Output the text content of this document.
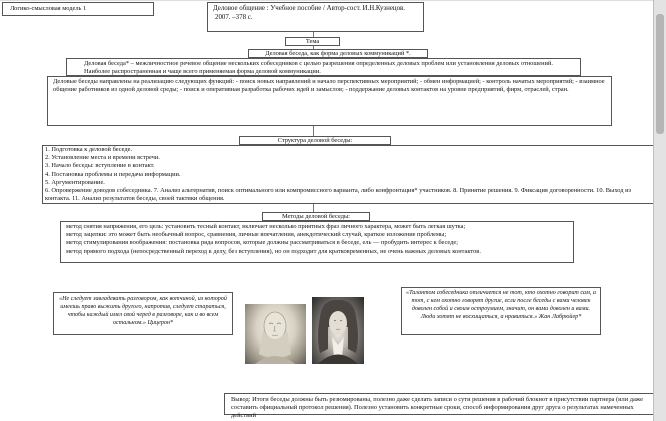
Логико-смысловая модель 1	Деловое общение : Учебное пособие / Автор-сост. И.Н.Кузнецов.
2007. –378 с.
Тема
Деловая беседа, как форма деловых коммуникаций *.
Деловая беседа* – межличностное речевое общение нескольких собеседников с целью разрешения определенных деловых проблем или установления деловых отношений. Наиболее распространенная и чаще всего применяемая форма деловой коммуникации.
Деловые беседы направлены на реализацию следующих функций: - поиск новых направлений и начало перспективных мероприятий; - обмен информацией; - контроль начатых мероприятий; - взаимное общение работников из одной деловой среды; - поиск и оперативная разработка рабочих идей и замыслов; - поддержание деловых контактов на уровне предприятий, фирм, отраслей, стран.
Структура деловой беседы:
1. Подготовка к деловой беседе.
2. Установление места и времени встречи.
3. Начало беседы: вступление в контакт.
4. Постановка проблемы и передача информации.
5. Аргументирование.
6. Опровержение доводов собеседника. 7. Анализ альтернатив, поиск оптимального или компромиссного варианта, либо конфронтация* участников. 8. Принятие решения. 9. Фиксация договоренности. 10. Выход из контакта. 11. Анализ результатов беседы, своей тактики общения.
Методы деловой беседы:
метод снятия напряжения, его цель: установить тесный контакт, включает несколько приятных фраз личного характера, может быть легкая шутка;
метод зацепки: это может быть необычный вопрос, сравнения, личные впечатления, анекдотический случай, краткое изложение проблемы;
метод стимулирования воображения: постановка ряда вопросов, которые должны рассматриваться в беседе, ель — пробудить интерес к беседе;
метод прямого подхода (непосредственный переход к делу, без вступления), но он подходит для кратковременных, не очень важных деловых контактов.
«Не следует завладевать разговором, как вотчиной, из которой имеешь право выжить другого, напротив, следует стараться, чтобы каждый имел свой черед в разговоре, как и во всем остальном.» Цицерон*
«Талантом собеседника отличается не тот, кто охотно говорит сам, а тот, с кем охотно говорят другие, если после беседы с вами человек доволен собой и своим остроумием, значит, он вами доволен и вами. Люди хотят не восхищаться, а нравиться.» Жан Лабрюйер*
Вывод: Итоги беседы должны быть резюмированы, полезно даже сделать записи о сути решения в рабочий блокнот в присутствии партнера (или даже составить официальный протокол решения). Полезно установить конкретные сроки, способ информирования друг друга о результатах намеченных действий
